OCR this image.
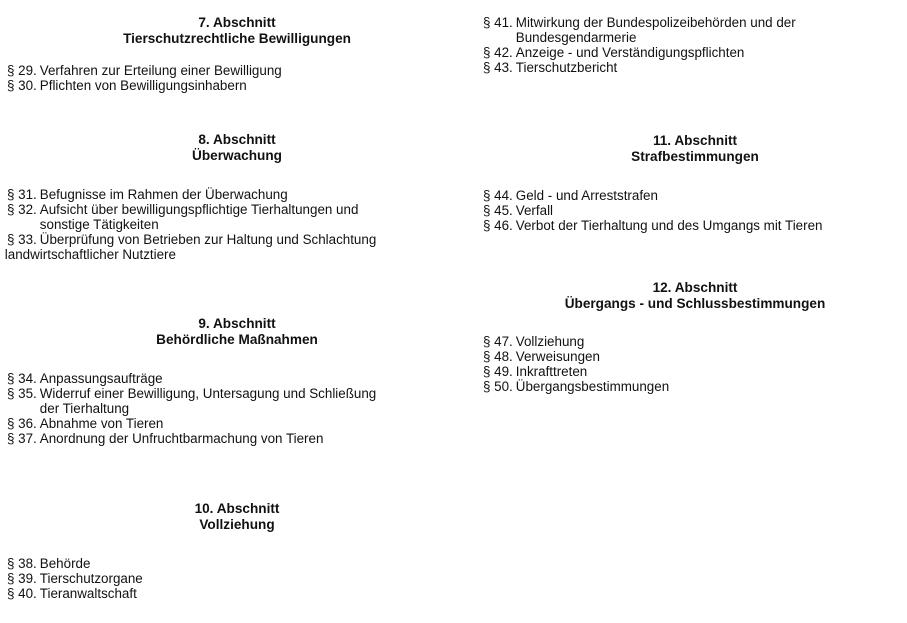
7. Abschnitt

Tierschutzrechtliche Bewilligungen

§ 29. Verfahren zur Erteilung einer Bewilligung
§ 30. Pflichten von Bewilligungsinhabern

8. Abschnitt

Überwachung

§ 31. Befugnisse im Rahmen der Überwachung
§ 32. Aufsicht über bewilligungspflichtige Tierhaltungen und
sonstige Tätigkeiten
§ 33. Überprüfung von Betrieben zur Haltung und Schlachtung
landwirtschaftlicher Nutztiere

9. Abschnitt

Behördliche Maßnahmen

§ 34. Anpassungsaufträge
§ 35. Widerruf einer Bewilligung, Untersagung und Schließung
der Tierhaltung
§ 36. Abnahme von Tieren
§ 37. Anordnung der Unfruchtbarmachung von Tieren

10. Abschnitt

Vollziehung

§ 38. Behörde
§ 39. Tierschutzorgane
§ 40. Tieranwaltschaft
§ 41. Mitwirkung der Bundespolizeibehörden und der
Bundesgendarmerie
§ 42. Anzeige - und Verständigungspflichten
§ 43. Tierschutzbericht

11. Abschnitt

Strafbestimmungen

§ 44. Geld - und Arreststrafen
§ 45. Verfall
§ 46. Verbot der Tierhaltung und des Umgangs mit Tieren

12. Abschnitt

Übergangs - und Schlussbestimmungen

§ 47. Vollziehung
§ 48. Verweisungen
§ 49. Inkrafttreten
§ 50. Übergangsbestimmungen
